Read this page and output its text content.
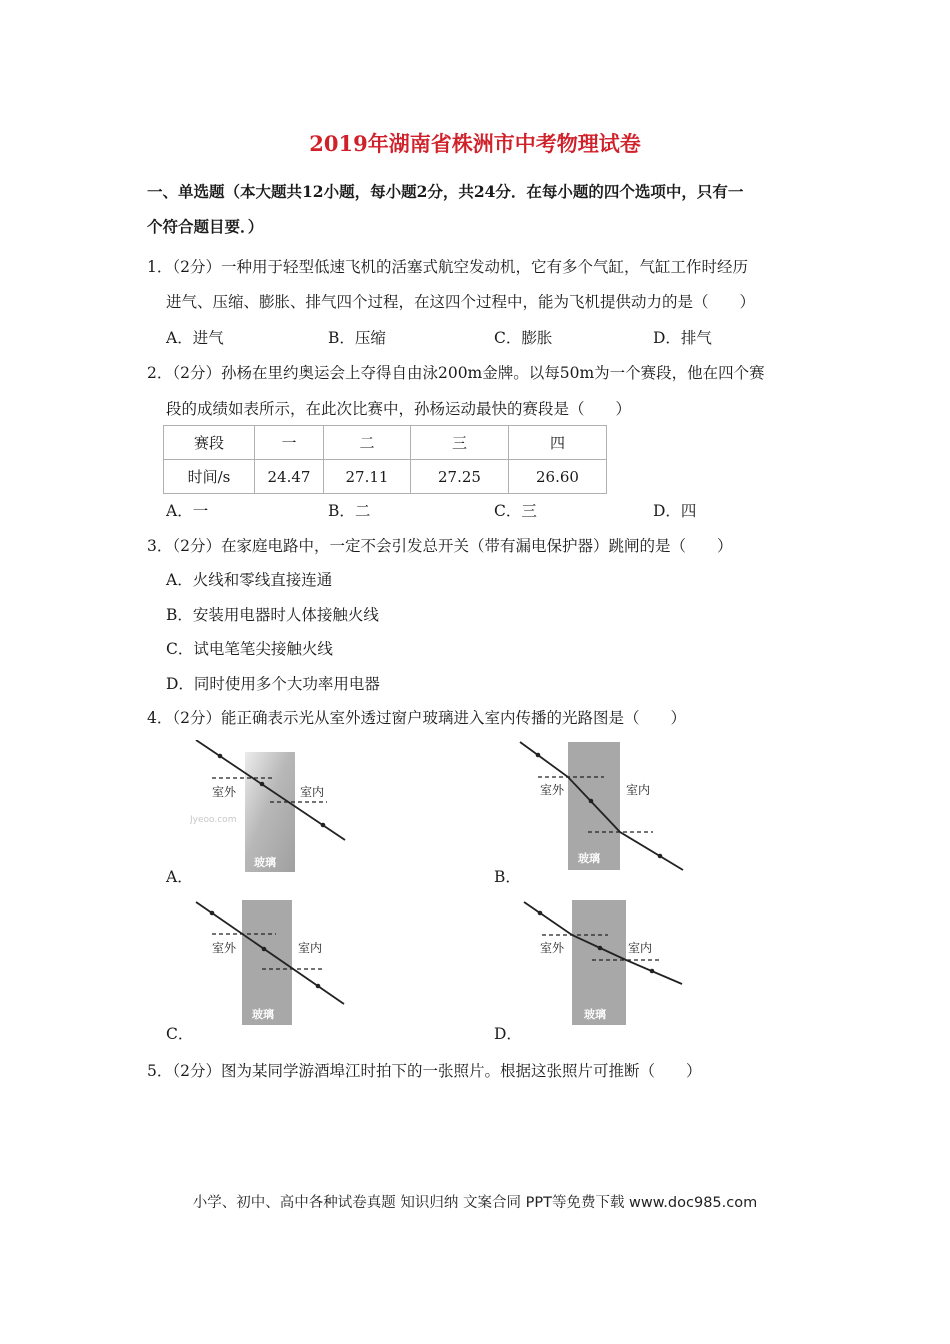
2019年湖南省株洲市中考物理试卷
一、单选题（本大题共12小题，每小题2分，共24分．在每小题的四个选项中，只有一
个符合题目要．）
1．（2分）一种用于轻型低速飞机的活塞式航空发动机，它有多个气缸，气缸工作时经历
进气、压缩、膨胀、排气四个过程，在这四个过程中，能为飞机提供动力的是（　　）
A．进气	B．压缩	C．膨胀	D．排气
2．（2分）孙杨在里约奥运会上夺得自由泳200m金牌。以每50m为一个赛段，他在四个赛
段的成绩如表所示，在此次比赛中，孙杨运动最快的赛段是（　　）
赛段	一	二	三	四
时间/s	24.47	27.11	27.25	26.60
A．一	B．二	C．三	D．四
3．（2分）在家庭电路中，一定不会引发总开关（带有漏电保护器）跳闸的是（　　）
A．火线和零线直接连通
B．安装用电器时人体接触火线
C．试电笔笔尖接触火线
D．同时使用多个大功率用电器
4．（2分）能正确表示光从室外透过窗户玻璃进入室内传播的光路图是（　　）
Jyeoo.com
室外	室内
玻璃
A．
室外	室内
玻璃
B．
室外	室内
玻璃
C．
室外	室内
玻璃
D．
5．（2分）图为某同学游酒埠江时拍下的一张照片。根据这张照片可推断（　　）
小学、初中、高中各种试卷真题 知识归纳 文案合同 PPT等免费下载 www.doc985.com
